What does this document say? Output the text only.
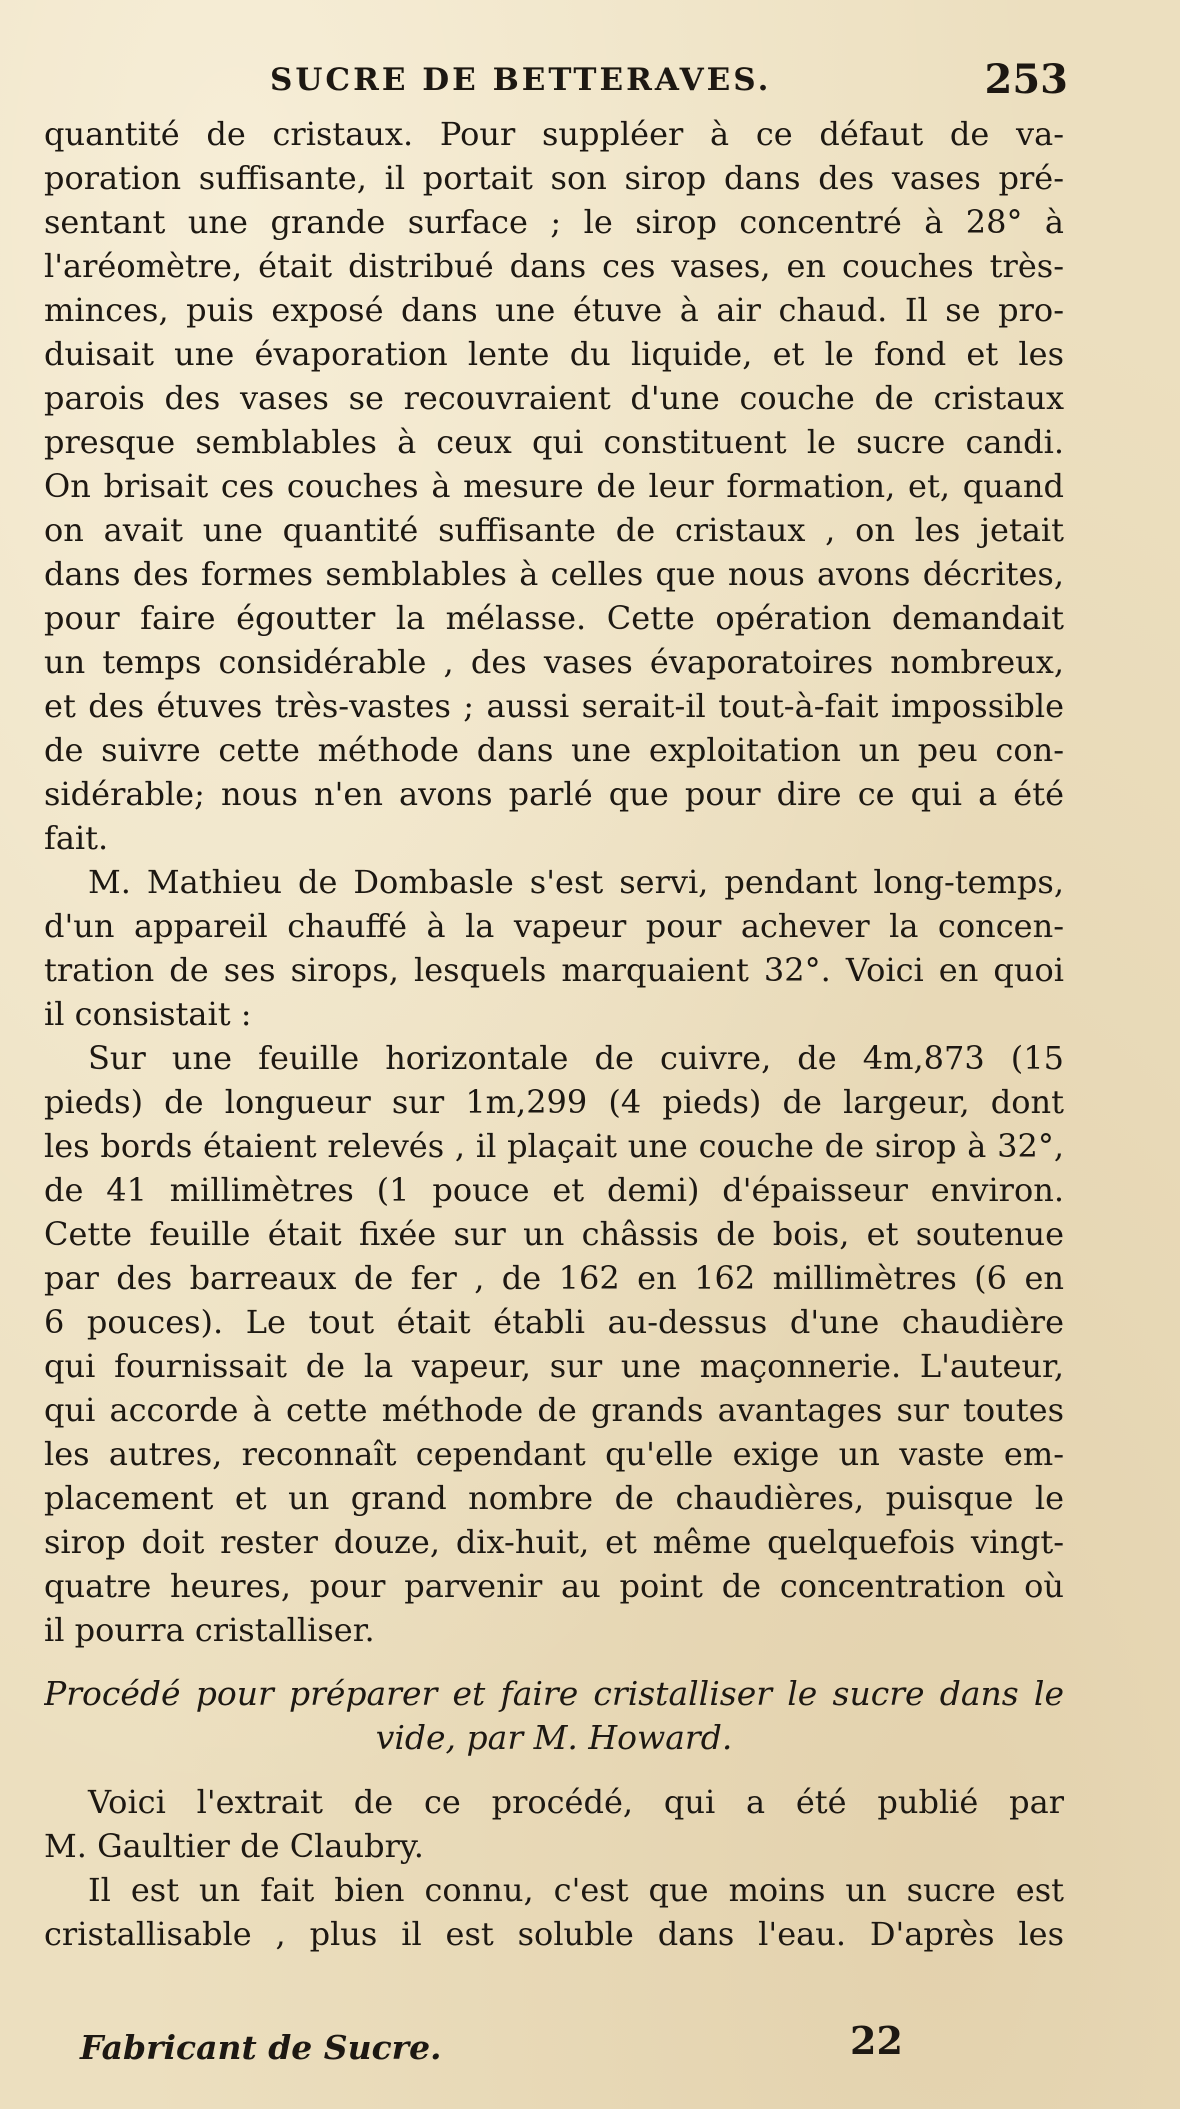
SUCRE DE BETTERAVES.	253
quantité de cristaux. Pour suppléer à ce défaut de va-
poration suffisante, il portait son sirop dans des vases pré-
sentant une grande surface ; le sirop concentré à 28° à
l'aréomètre, était distribué dans ces vases, en couches très-
minces, puis exposé dans une étuve à air chaud. Il se pro-
duisait une évaporation lente du liquide, et le fond et les
parois des vases se recouvraient d'une couche de cristaux
presque semblables à ceux qui constituent le sucre candi.
On brisait ces couches à mesure de leur formation, et, quand
on avait une quantité suffisante de cristaux , on les jetait
dans des formes semblables à celles que nous avons décrites,
pour faire égoutter la mélasse. Cette opération demandait
un temps considérable , des vases évaporatoires nombreux,
et des étuves très-vastes ; aussi serait-il tout-à-fait impossible
de suivre cette méthode dans une exploitation un peu con-
sidérable; nous n'en avons parlé que pour dire ce qui a été
fait.
M. Mathieu de Dombasle s'est servi, pendant long-temps,
d'un appareil chauffé à la vapeur pour achever la concen-
tration de ses sirops, lesquels marquaient 32°. Voici en quoi
il consistait :
Sur une feuille horizontale de cuivre, de 4m,873 (15
pieds) de longueur sur 1m,299 (4 pieds) de largeur, dont
les bords étaient relevés , il plaçait une couche de sirop à 32°,
de 41 millimètres (1 pouce et demi) d'épaisseur environ.
Cette feuille était fixée sur un châssis de bois, et soutenue
par des barreaux de fer , de 162 en 162 millimètres (6 en
6 pouces). Le tout était établi au-dessus d'une chaudière
qui fournissait de la vapeur, sur une maçonnerie. L'auteur,
qui accorde à cette méthode de grands avantages sur toutes
les autres, reconnaît cependant qu'elle exige un vaste em-
placement et un grand nombre de chaudières, puisque le
sirop doit rester douze, dix-huit, et même quelquefois vingt-
quatre heures, pour parvenir au point de concentration où
il pourra cristalliser.
Procédé pour préparer et faire cristalliser le sucre dans le
vide, par M. Howard.
Voici l'extrait de ce procédé, qui a été publié par
M. Gaultier de Claubry.
Il est un fait bien connu, c'est que moins un sucre est
cristallisable , plus il est soluble dans l'eau. D'après les
Fabricant de Sucre.	22
